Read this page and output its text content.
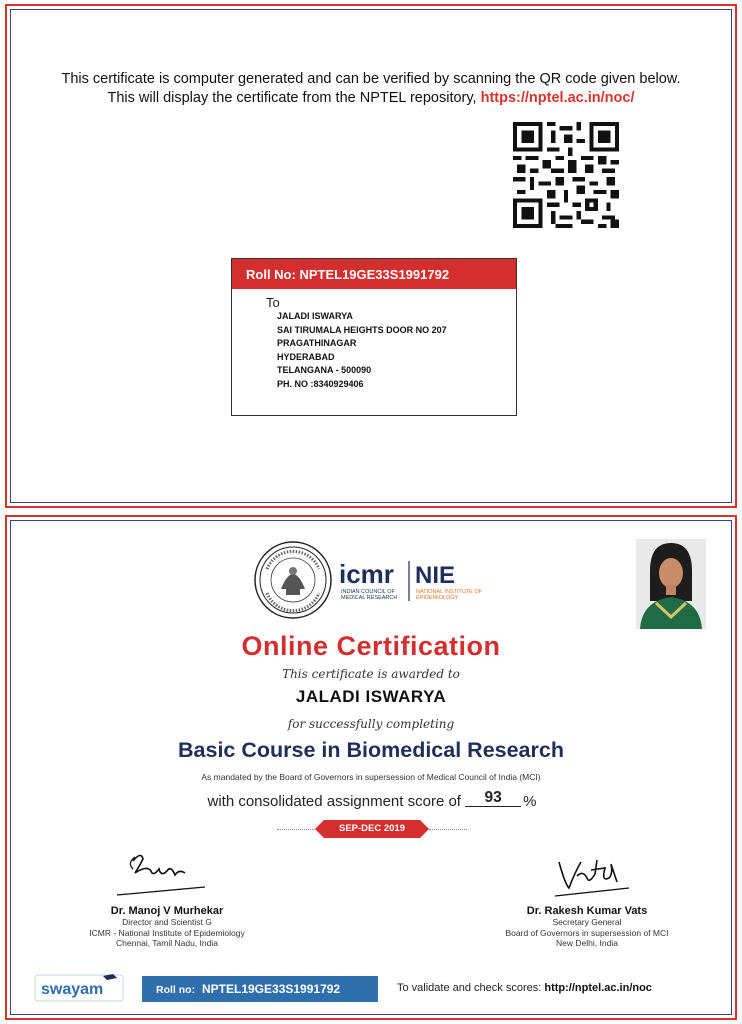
This certificate is computer generated and can be verified by scanning the QR code given below.
This will display the certificate from the NPTEL repository, https://nptel.ac.in/noc/
Roll No: NPTEL19GE33S1991792
To
JALADI ISWARYA
SAI TIRUMALA HEIGHTS DOOR NO 207
PRAGATHINAGAR
HYDERABAD
TELANGANA - 500090
PH. NO :8340929406
icmr
INDIAN COUNCIL OF
MEDICAL RESEARCH
NIE
NATIONAL INSTITUTE OF
EPIDEMIOLOGY
Online Certification
This certificate is awarded to
JALADI ISWARYA
for successfully completing
Basic Course in Biomedical Research
As mandated by the Board of Governors in supersession of Medical Council of India (MCI)
with consolidated assignment score of 93 %
SEP-DEC 2019
Dr. Manoj V Murhekar
Director and Scientist G
ICMR - National Institute of Epidemiology
Chennai, Tamil Nadu, India
Dr. Rakesh Kumar Vats
Secretary General
Board of Governors in supersession of MCI
New Delhi, India
swayam	Roll no: NPTEL19GE33S1991792	To validate and check scores: http://nptel.ac.in/noc
